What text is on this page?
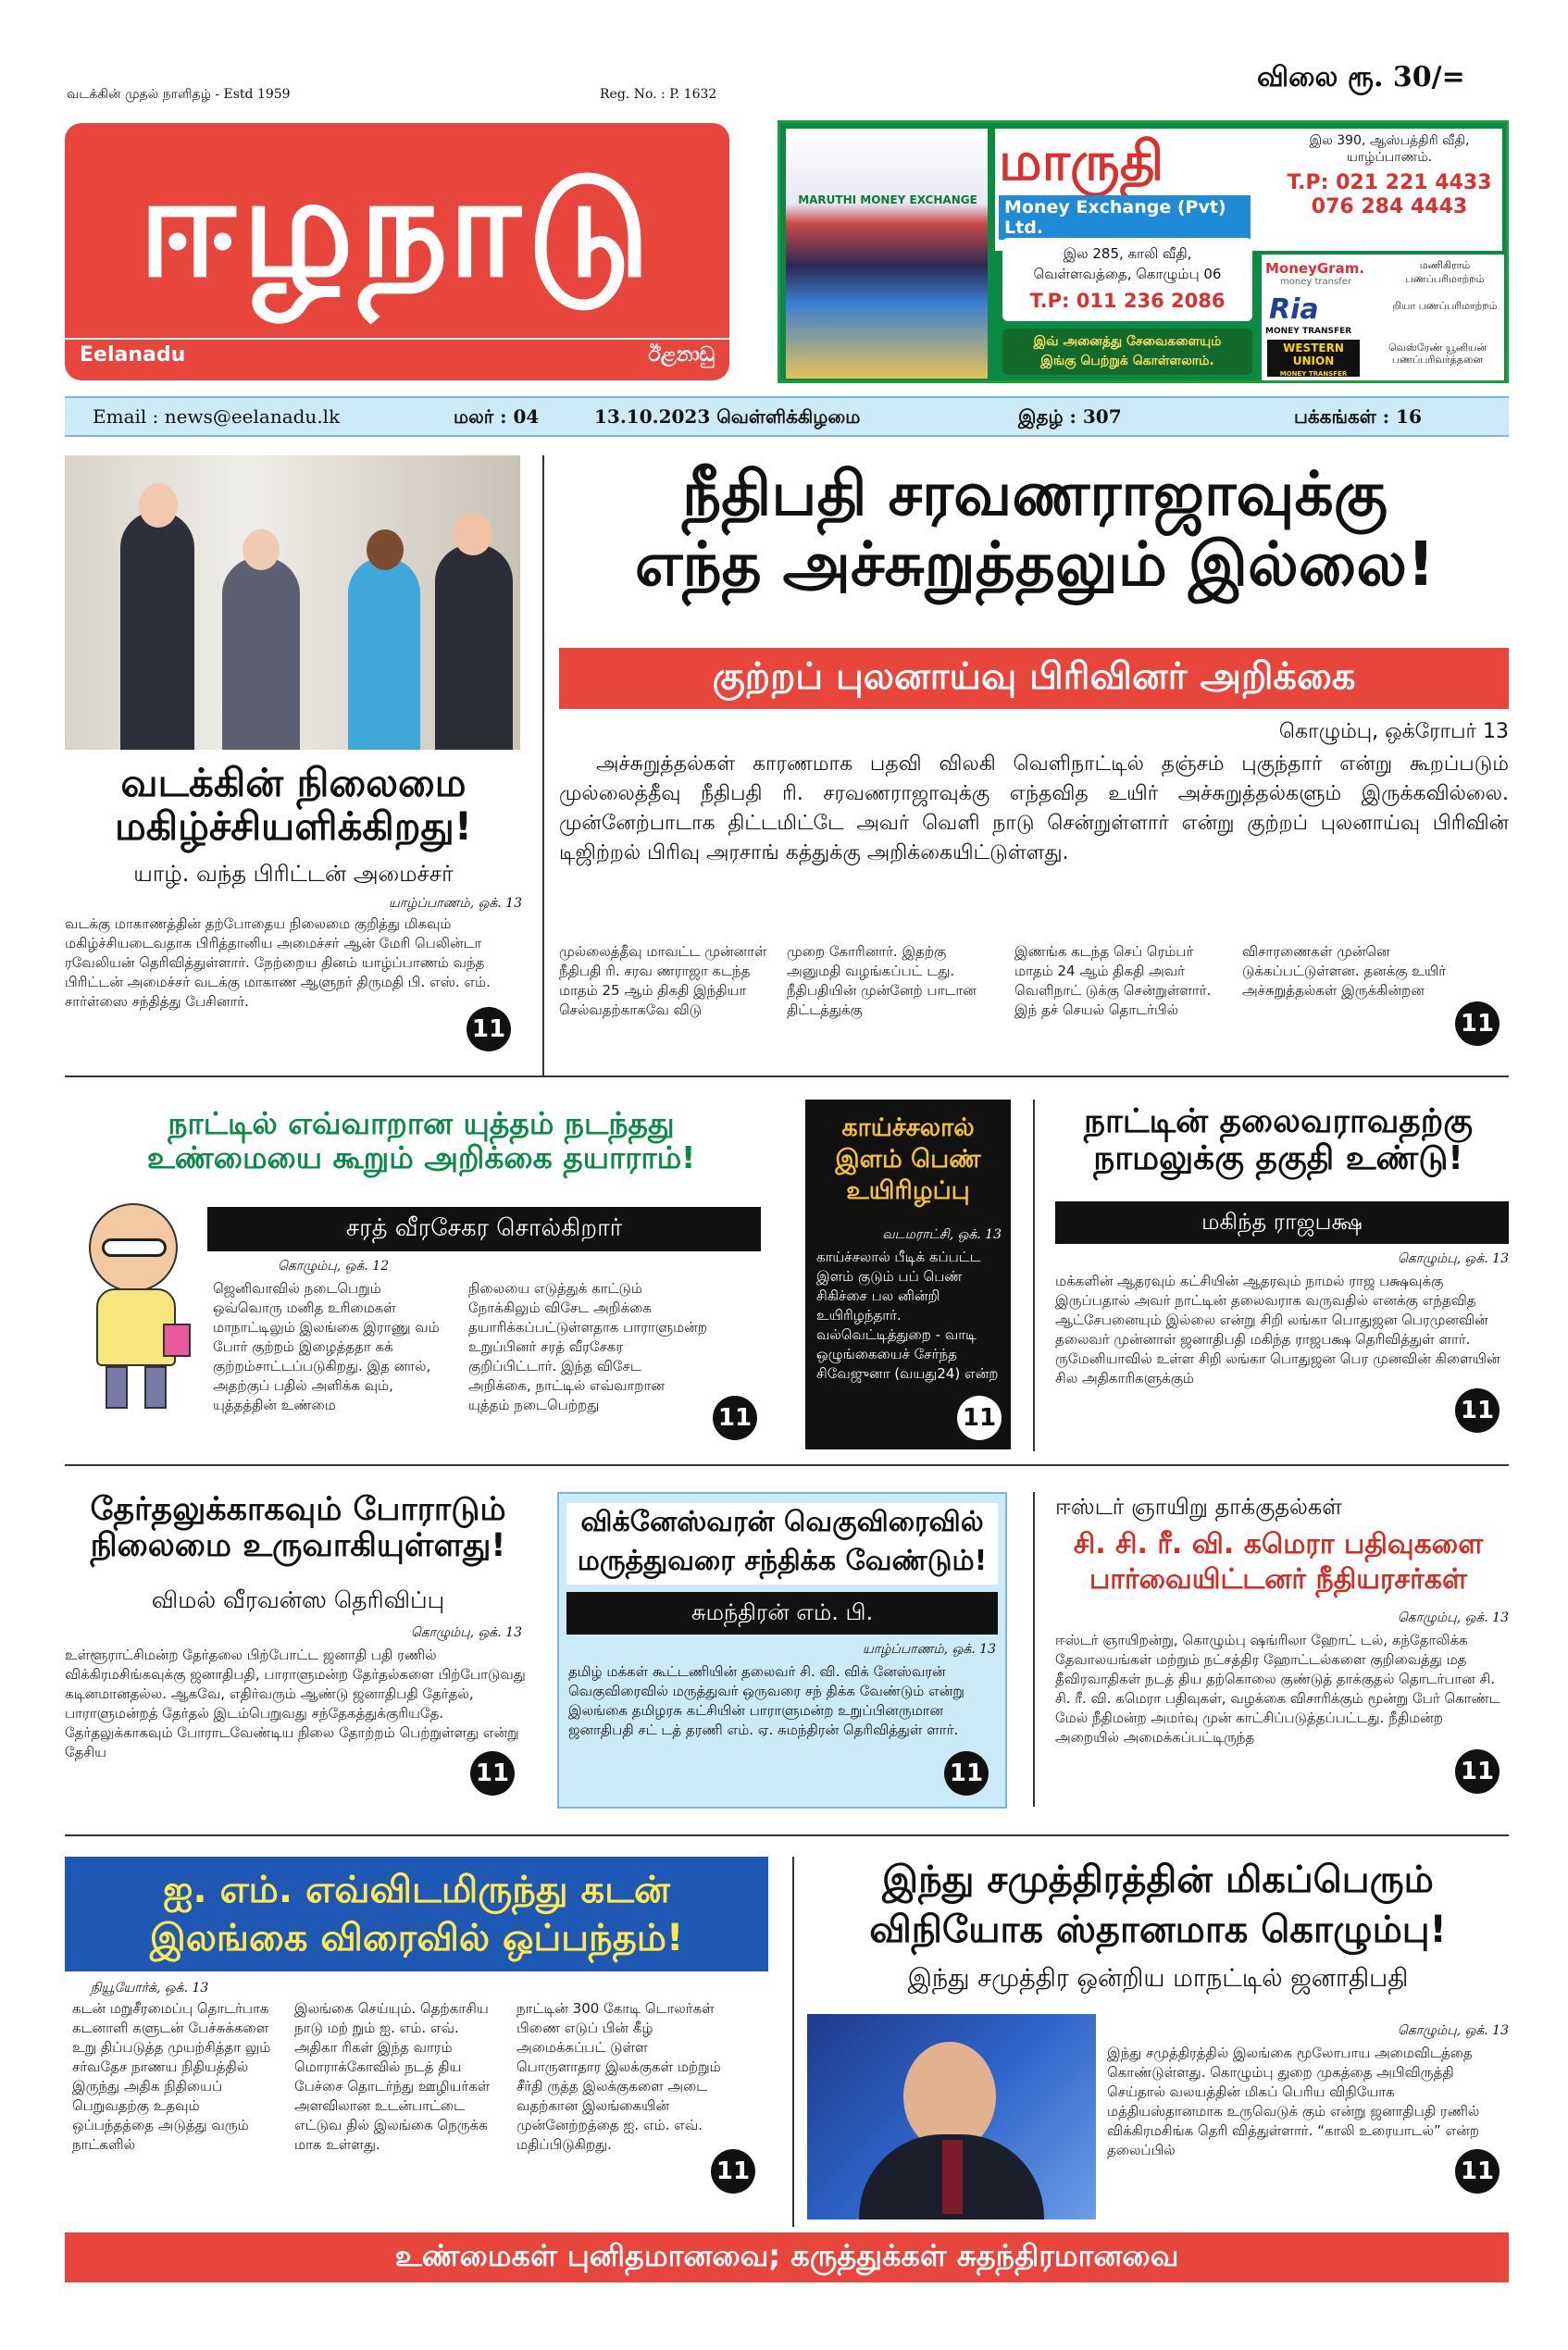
வடக்கின் முதல் நாளிதழ் - Estd 1959	Reg. No. : P. 1632
விலை ரூ. 30/=
ஈழநாடு
Eelanadu	ඊළනාඩු
MARUTHI MONEY EXCHANGE
மாருதி
Money Exchange (Pvt) Ltd.
இல 390, ஆஸ்பத்திரி வீதி, யாழ்ப்பாணம்.
T.P: 021 221 4433
076 284 4443
இல 285, காலி வீதி,
வெள்ளவத்தை, கொழும்பு 06
T.P: 011 236 2086
இவ் அனைத்து சேவைகளையும்
இங்கு பெற்றுக் கொள்ளலாம்.
MoneyGram.
money transfer
மணிகிராம் பணப்பரிமாற்றம்
Ria
MONEY TRANSFER
றியா பணப்பரிமாற்றம்
WESTERN
UNION
MONEY TRANSFER
வெஸ்ரேண் யூனியன் பணப்பரிவர்த்தனை
Email : news@eelanadu.lk	மலர் : 04	13.10.2023 வெள்ளிக்கிழமை	இதழ் : 307	பக்கங்கள் : 16
வடக்கின் நிலைமை
மகிழ்ச்சியளிக்கிறது!
யாழ். வந்த பிரிட்டன் அமைச்சர்
யாழ்ப்பாணம், ஒக். 13
வடக்கு மாகாணத்தின் தற்போதைய நிலைமை குறித்து மிகவும் மகிழ்ச்சியடைவதாக பிரித்தானிய அமைச்சர் ஆன் மேரி பெலின்டா ரவேலியன் தெரிவித்துள்ளார். நேற்றைய தினம் யாழ்ப்பாணம் வந்த பிரிட்டன் அமைச்சர் வடக்கு மாகாண ஆளுநர் திருமதி பி. எஸ். எம். சார்ள்ஸை சந்தித்து பேசினார்.
11
நீதிபதி சரவணராஜாவுக்கு
எந்த அச்சுறுத்தலும் இல்லை!
குற்றப் புலனாய்வு பிரிவினர் அறிக்கை
கொழும்பு, ஒக்ரோபர் 13
அச்சுறுத்தல்கள் காரணமாக பதவி விலகி வெளிநாட்டில் தஞ்சம் புகுந்தார் என்று கூறப்படும் முல்லைத்தீவு நீதிபதி ரி. சரவணராஜாவுக்கு எந்தவித உயிர் அச்சுறுத்தல்களும் இருக்கவில்லை. முன்னேற்பாடாக திட்டமிட்டே அவர் வெளி நாடு சென்றுள்ளார் என்று குற்றப் புலனாய்வு பிரிவின் டிஜிற்றல் பிரிவு அரசாங் கத்துக்கு அறிக்கையிட்டுள்ளது.
முல்லைத்தீவு மாவட்ட முன்னாள் நீதிபதி ரி. சரவ ணராஜா கடந்த மாதம் 25 ஆம் திகதி இந்தியா செல்வதற்காகவே விடு
முறை கோரினார். இதற்கு அனுமதி வழங்கப்பட் டது. நீதிபதியின் முன்னேற் பாடான திட்டத்துக்கு
இணங்க கடந்த செப் ரெம்பர் மாதம் 24 ஆம் திகதி அவர் வெளிநாட் டுக்கு சென்றுள்ளார். இந் தச் செயல் தொடர்பில்
விசாரணைகள் முன்னெ டுக்கப்பட்டுள்ளன. தனக்கு உயிர் அச்சுறுத்தல்கள் இருக்கின்றன
11
நாட்டில் எவ்வாறான யுத்தம் நடந்தது
உண்மையை கூறும் அறிக்கை தயாராம்!
சரத் வீரசேகர சொல்கிறார்
கொழும்பு, ஒக். 12
ஜெனிவாவில் நடைபெறும் ஒவ்வொரு மனித உரிமைகள் மாநாட்டிலும் இலங்கை இராணு வம் போர் குற்றம் இழைத்ததா கக் குற்றம்சாட்டப்படுகிறது. இத னால், அதற்குப் பதில் அளிக்க வும், யுத்தத்தின் உண்மை
நிலையை எடுத்துக் காட்டும் நோக்கிலும் விசேட அறிக்கை தயாரிக்கப்பட்டுள்ளதாக பாராளுமன்ற உறுப்பினர் சரத் வீரசேகர குறிப்பிட்டார். இந்த விசேட அறிக்கை, நாட்டில் எவ்வாறான யுத்தம் நடைபெற்றது	11
காய்ச்சலால்
இளம் பெண்
உயிரிழப்பு
வடமராட்சி, ஒக். 13
காய்ச்சலால் பீடிக் கப்பட்ட இளம் குடும் பப் பெண் சிகிச்சை பல னின்றி உயிரிழந்தார். வல்வெட்டித்துறை - வாடி ஒழுங்கையைச் சேர்ந்த சிவேஜுனா (வயது24) என்ற
11
நாட்டின் தலைவராவதற்கு
நாமலுக்கு தகுதி உண்டு!
மகிந்த ராஜபக்ஷ
கொழும்பு, ஒக். 13
மக்களின் ஆதரவும் கட்சியின் ஆதரவும் நாமல் ராஜ பக்ஷவுக்கு இருப்பதால் அவர் நாட்டின் தலைவராக வருவதில் எனக்கு எந்தவித ஆட்சேபனையும் இல்லை என்று சிறி லங்கா பொதுஜன பெரமுனவின் தலைவர் முன்னாள் ஜனாதிபதி மகிந்த ராஜபக்ஷ தெரிவித்துள் ளார். ருமேனியாவில் உள்ள சிறி லங்கா பொதுஜன பெர முனவின் கிளையின் சில அதிகாரிகளுக்கும்
11
தேர்தலுக்காகவும் போராடும்
நிலைமை உருவாகியுள்ளது!
விமல் வீரவன்ஸ தெரிவிப்பு
கொழும்பு, ஒக். 13
உள்ளூராட்சிமன்ற தேர்தலை பிற்போட்ட ஜனாதி பதி ரணில் விக்கிரமசிங்கவுக்கு ஜனாதிபதி, பாராளுமன்ற தேர்தல்களை பிற்போடுவது கடினமானதல்ல. ஆகவே, எதிர்வரும் ஆண்டு ஜனாதிபதி தேர்தல், பாராளுமன்றத் தேர்தல் இடம்பெறுவது சந்தேகத்துக்குரியதே. தேர்தலுக்காகவும் போராடவேண்டிய நிலை தோற்றம் பெற்றுள்ளது என்று தேசிய
11
விக்னேஸ்வரன் வெகுவிரைவில்
மருத்துவரை சந்திக்க வேண்டும்!
சுமந்திரன் எம். பி.
யாழ்ப்பாணம், ஒக். 13
தமிழ் மக்கள் கூட்டணியின் தலைவர் சி. வி. விக் னேஸ்வரன் வெகுவிரைவில் மருத்துவர் ஒருவரை சந் திக்க வேண்டும் என்று இலங்கை தமிழரசு கட்சியின் பாராளுமன்ற உறுப்பினருமான ஜனாதிபதி சட் டத் தரணி எம். ஏ. சுமந்திரன் தெரிவித்துள் ளார்.
11
ஈஸ்டர் ஞாயிறு தாக்குதல்கள்
சி. சி. ரீ. வி. கமெரா பதிவுகளை
பார்வையிட்டனர் நீதியரசர்கள்
கொழும்பு, ஒக். 13
ஈஸ்டர் ஞாயிறன்று, கொழும்பு ஷங்ரிலா ஹோட் டல், கந்தோலிக்க தேவாலயங்கள் மற்றும் நட்சத்திர ஹோட்டல்களை குறிவைத்து மத தீவிரவாதிகள் நடத் திய தற்கொலை குண்டுத் தாக்குதல் தொடர்பான சி. சி. ரீ. வி. கமெரா பதிவுகள், வழக்கை விசாரிக்கும் மூன்று பேர் கொண்ட மேல் நீதிமன்ற அமர்வு முன் காட்சிப்படுத்தப்பட்டது. நீதிமன்ற அறையில் அமைக்கப்பட்டிருந்த
11
ஐ. எம். எவ்விடமிருந்து கடன்
இலங்கை விரைவில் ஒப்பந்தம்!
நியூயோர்க், ஒக். 13
கடன் மறுசீரமைப்பு தொடர்பாக கடனாளி களுடன் பேச்சுக்களை உறு திப்படுத்த முயற்சித்தா லும் சர்வதேச நாணய நிதியத்தில் இருந்து அதிக நிதியைப் பெறுவதற்கு உதவும் ஒப்பந்தத்தை அடுத்து வரும் நாட்களில்
இலங்கை செய்யும். தெற்காசிய நாடு மற் றும் ஐ. எம். எவ். அதிகா ரிகள் இந்த வாரம் மொராக்கோவில் நடத் திய பேச்சை தொடர்ந்து ஊழியர்கள் அளவிலான உடன்பாட்டை எட்டுவ தில் இலங்கை நெருக்க மாக உள்ளது.
நாட்டின் 300 கோடி டொலர்கள் பிணை எடுப் பின் கீழ் அமைக்கப்பட் டுள்ள பொருளாதார இலக்குகள் மற்றும் சீர்தி ருத்த இலக்குகளை அடை வதற்கான இலங்கையின் முன்னேற்றத்தை ஐ. எம். எவ். மதிப்பிடுகிறது.
11
இந்து சமுத்திரத்தின் மிகப்பெரும்
விநியோக ஸ்தானமாக கொழும்பு!
இந்து சமுத்திர ஒன்றிய மாநட்டில் ஜனாதிபதி
கொழும்பு, ஒக். 13
இந்து சமுத்திரத்தில் இலங்கை மூலோபாய அமைவிடத்தை கொண்டுள்ளது. கொழும்பு துறை முகத்தை அபிவிருத்தி செய்தால் வலயத்தின் மிகப் பெரிய விநியோக மத்தியஸ்தானமாக உருவெடுக் கும் என்று ஜனாதிபதி ரணில் விக்கிரமசிங்க தெரி வித்துள்ளார். “காலி உரையாடல்” என்ற தலைப்பில்
11
உண்மைகள் புனிதமானவை; கருத்துக்கள் சுதந்திரமானவை
